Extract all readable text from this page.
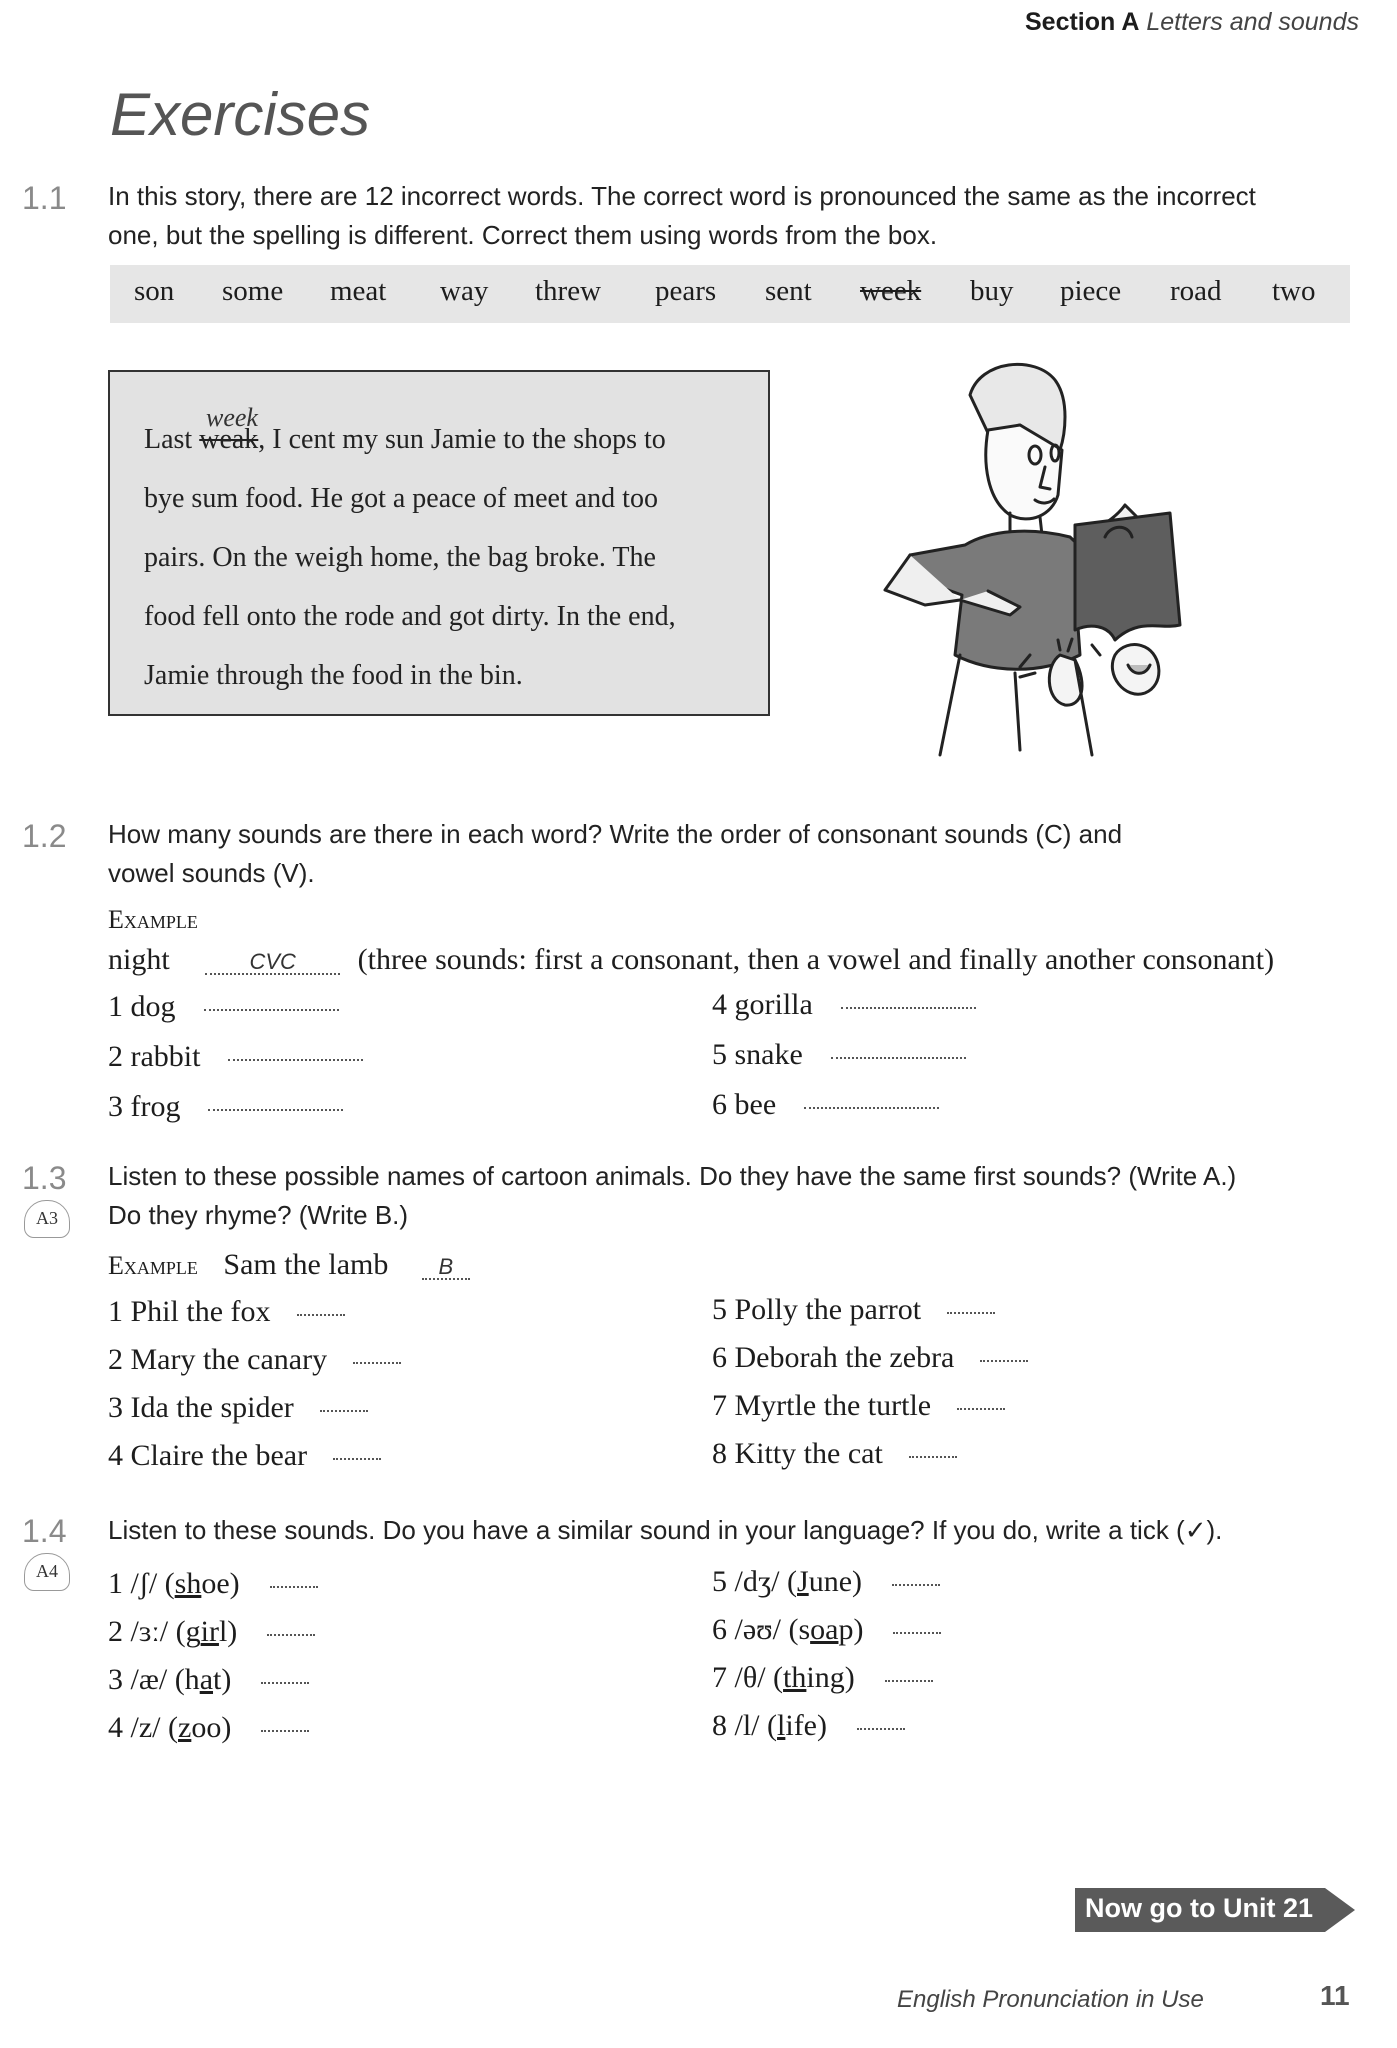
Section A Letters and sounds
Exercises
1.1 In this story, there are 12 incorrect words. The correct word is pronounced the same as the incorrect
one, but the spelling is different. Correct them using words from the box.
son some meat way threw pears sent week buy piece road two
week
Last weak, I cent my sun Jamie to the shops to
bye sum food. He got a peace of meet and too
pairs. On the weigh home, the bag broke. The
food fell onto the rode and got dirty. In the end,
Jamie through the food in the bin.
1.2 How many sounds are there in each word? Write the order of consonant sounds (C) and
vowel sounds (V).
Example
night	CVC (three sounds: first a consonant, then a vowel and finally another consonant)
1 dog
2 rabbit
3 frog
4 gorilla
5 snake
6 bee
1.3
A3
Listen to these possible names of cartoon animals. Do they have the same first sounds? (Write A.)
Do they rhyme? (Write B.)
Example Sam the lamb B
1 Phil the fox
2 Mary the canary
3 Ida the spider
4 Claire the bear
5 Polly the parrot
6 Deborah the zebra
7 Myrtle the turtle
8 Kitty the cat
1.4
A4
Listen to these sounds. Do you have a similar sound in your language? If you do, write a tick (✓).
1 /ʃ/ (shoe)
2 /ɜː/ (girl)
3 /æ/ (hat)
4 /z/ (zoo)
5 /dʒ/ (June)
6 /əʊ/ (soap)
7 /θ/ (thing)
8 /l/ (life)
Now go to Unit 21
English Pronunciation in Use	11
